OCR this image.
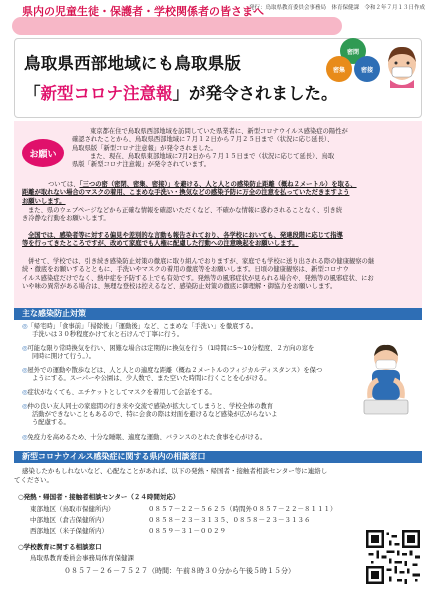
発行：鳥取県教育委員会事務局　体育保健課　令和２年７月１３日作成
県内の児童生徒・保護者・学校関係者の皆さまへ
鳥取県西部地域にも鳥取県版
「新型コロナ注意報」が発令されました。
密閉
密集	密接
お願い
東京都在住で鳥取県西部地域を訪問していた県業者に、新型コロナウイルス感染症の陽性が
確認されたことから、鳥取県西部地域に７月１２日から７月２５日まで（状況に応じ延長）、
鳥取県版「新型コロナ注意報」が発令されました。
また、現在、鳥取県東部地域に7月2日から７月１５日まで（状況に応じて延長）、鳥取
県版「新型コロナ注意報」が発令されています。
ついては、「三つの密（密閉、密集、密接）」を避ける、人と人との感染防止距離（概ね２メートル）を取る、
距離が取れない場合のマスクの着用、こまめな手洗い・換気などの感染予防に万全の注意を払っていただきますよう
お願いします。
また、県のウェブページなどから正確な情報を確認いただくなど、不確かな情報に惑わされることなく、引き続
き冷静な行動をお願いします。
全国では、感染者等に対する偏見や差別的な言動も報告されており、各学校においても、発達段階に応じて指導
等を行ってきたところですが、改めて家庭でも人権に配慮した行動への注意喚起をお願いします。
併せて、学校では、引き続き感染防止対策の徹底に取り組んでおりますが、家庭でも学校に送り出される際の健康観察の継
続・徹底をお願いするとともに、手洗いやマスクの着用の徹底等をお願いします。日頃の健康観察は、新型コロナウ
イルス感染症だけでなく、熱中症を予防する上でも有効です。発熱等の風邪症状が見られる場合や、発熱等の風邪症状、にお
いや味の異常がある場合は、無理な登校は控えるなど、感染防止対策の徹底に御理解・御協力をお願いします。
主な感染防止対策
◎「帰宅時」「食事前」「掃除後」「運動後」など、こまめな「手洗い」を徹底する。
手洗いは３０秒程度かけて水と石けんで丁寧に行う。
◎可能な限り常時換気を行い、困難な場合は定期的に換気を行う（1時間に5～10分程度、２方向の窓を
同時に開けて行う。）。
◎屋外での運動や散歩などは、人と人との適度な距離（概ね２メートルのフィジカルディスタンス）を保つ
ようにする。スーパーや公園は、少人数で、また空いた時間に行くことを心がける。
◎症状がなくても、エチケットとしてマスクを着用して会話をする。
◎仲の良い友人同士の家庭間の行き来や交流で感染が拡大してしまうと、学校全体の教育
活動ができないこともあるので、特に会食の際は対面を避けるなど感染が広がらないよ
う配慮する。
◎免疫力を高めるため、十分な睡眠、適度な運動、バランスのとれた食事を心がける。
新型コロナウイルス感染症に関する県内の相談窓口
感染したかもしれないなど、心配なことがあれば、以下の発熱・帰国者・接触者相談センター等に連絡し
てください。
○発熱・帰国者・接触者相談センター（２４時間対応）
東部地区（鳥取市保健所内）	０８５７－２２－５６２５（時間外０８５７－２２－８１１１）
中部地区（倉吉保健所内）	０８５８－２３－３１３５、０８５８－２３－３１３６
西部地区（米子保健所内）	０８５９－３１－００２９
○学校教育に関する相談窓口
鳥取県教育委員会事務局体育保健課
０８５７－２６－７５２７（時間：午前８時３０分から午後５時１５分）
